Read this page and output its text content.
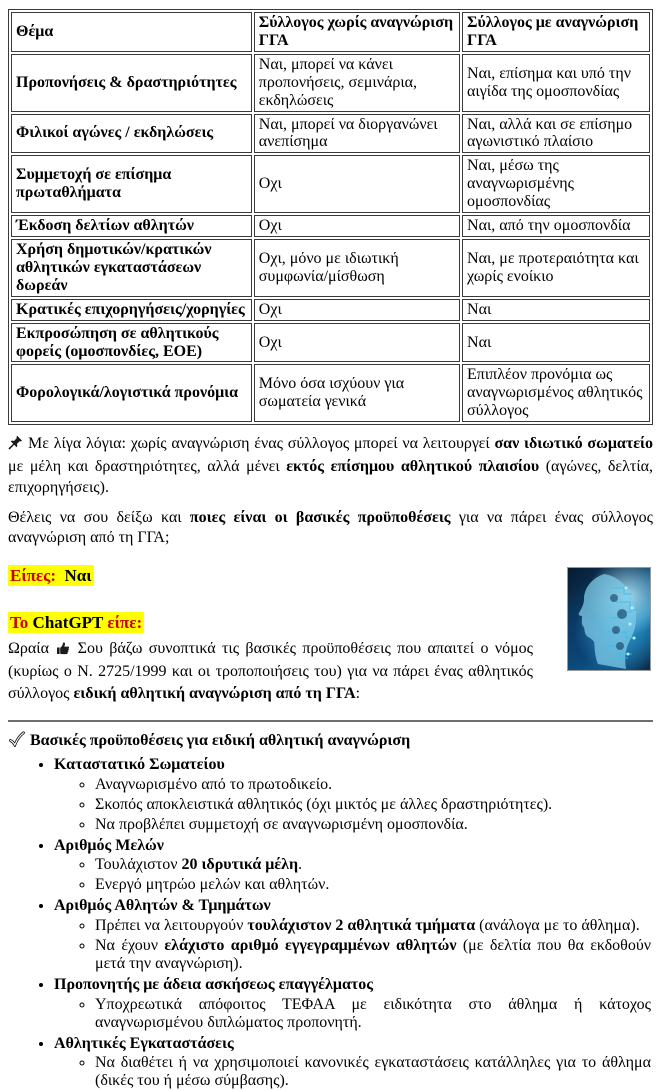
Θέμα	Σύλλογος χωρίς αναγνώριση ΓΓΑ	Σύλλογος με αναγνώριση ΓΓΑ
Προπονήσεις & δραστηριότητες	Ναι, μπορεί να κάνει προπονήσεις, σεμινάρια, εκδηλώσεις	Ναι, επίσημα και υπό την αιγίδα της ομοσπονδίας
Φιλικοί αγώνες / εκδηλώσεις	Ναι, μπορεί να διοργανώνει ανεπίσημα	Ναι, αλλά και σε επίσημο αγωνιστικό πλαίσιο
Συμμετοχή σε επίσημα πρωταθλήματα	Οχι	Ναι, μέσω της αναγνωρισμένης ομοσπονδίας
Έκδοση δελτίων αθλητών	Οχι	Ναι, από την ομοσπονδία
Χρήση δημοτικών/κρατικών αθλητικών εγκαταστάσεων δωρεάν	Οχι, μόνο με ιδιωτική συμφωνία/μίσθωση	Ναι, με προτεραιότητα και χωρίς ενοίκιο
Κρατικές επιχορηγήσεις/χορηγίες	Οχι	Ναι
Εκπροσώπηση σε αθλητικούς φορείς (ομοσπονδίες, ΕΟΕ)	Οχι	Ναι
Φορολογικά/λογιστικά προνόμια	Μόνο όσα ισχύουν για σωματεία γενικά	Επιπλέον προνόμια ως αναγνωρισμένος αθλητικός σύλλογος

Με λίγα λόγια: χωρίς αναγνώριση ένας σύλλογος μπορεί να λειτουργεί σαν ιδιωτικό σωματείο με μέλη και δραστηριότητες, αλλά μένει εκτός επίσημου αθλητικού πλαισίου (αγώνες, δελτία, επιχορηγήσεις).

Θέλεις να σου δείξω και ποιες είναι οι βασικές προϋποθέσεις για να πάρει ένας σύλλογος αναγνώριση από τη ΓΓΑ;

Είπες: Ναι

Το ChatGPT είπε:

Ωραία  Σου βάζω συνοπτικά τις βασικές προϋποθέσεις που απαιτεί ο νόμος (κυρίως ο Ν. 2725/1999 και οι τροποποιήσεις του) για να πάρει ένας αθλητικός σύλλογος ειδική αθλητική αναγνώριση από τη ΓΓΑ:

Βασικές προϋποθέσεις για ειδική αθλητική αναγνώριση
• Καταστατικό Σωματείου
◦ Αναγνωρισμένο από το πρωτοδικείο.
◦ Σκοπός αποκλειστικά αθλητικός (όχι μικτός με άλλες δραστηριότητες).
◦ Να προβλέπει συμμετοχή σε αναγνωρισμένη ομοσπονδία.
• Αριθμός Μελών
◦ Τουλάχιστον 20 ιδρυτικά μέλη.
◦ Ενεργό μητρώο μελών και αθλητών.
• Αριθμός Αθλητών & Τμημάτων
◦ Πρέπει να λειτουργούν τουλάχιστον 2 αθλητικά τμήματα (ανάλογα με το άθλημα).
◦ Να έχουν ελάχιστο αριθμό εγγεγραμμένων αθλητών (με δελτία που θα εκδοθούν μετά την αναγνώριση).
• Προπονητής με άδεια ασκήσεως επαγγέλματος
◦ Υποχρεωτικά απόφοιτος ΤΕΦΑΑ με ειδικότητα στο άθλημα ή κάτοχος αναγνωρισμένου διπλώματος προπονητή.
• Αθλητικές Εγκαταστάσεις
◦ Να διαθέτει ή να χρησιμοποιεί κανονικές εγκαταστάσεις κατάλληλες για το άθλημα (δικές του ή μέσω σύμβασης).
